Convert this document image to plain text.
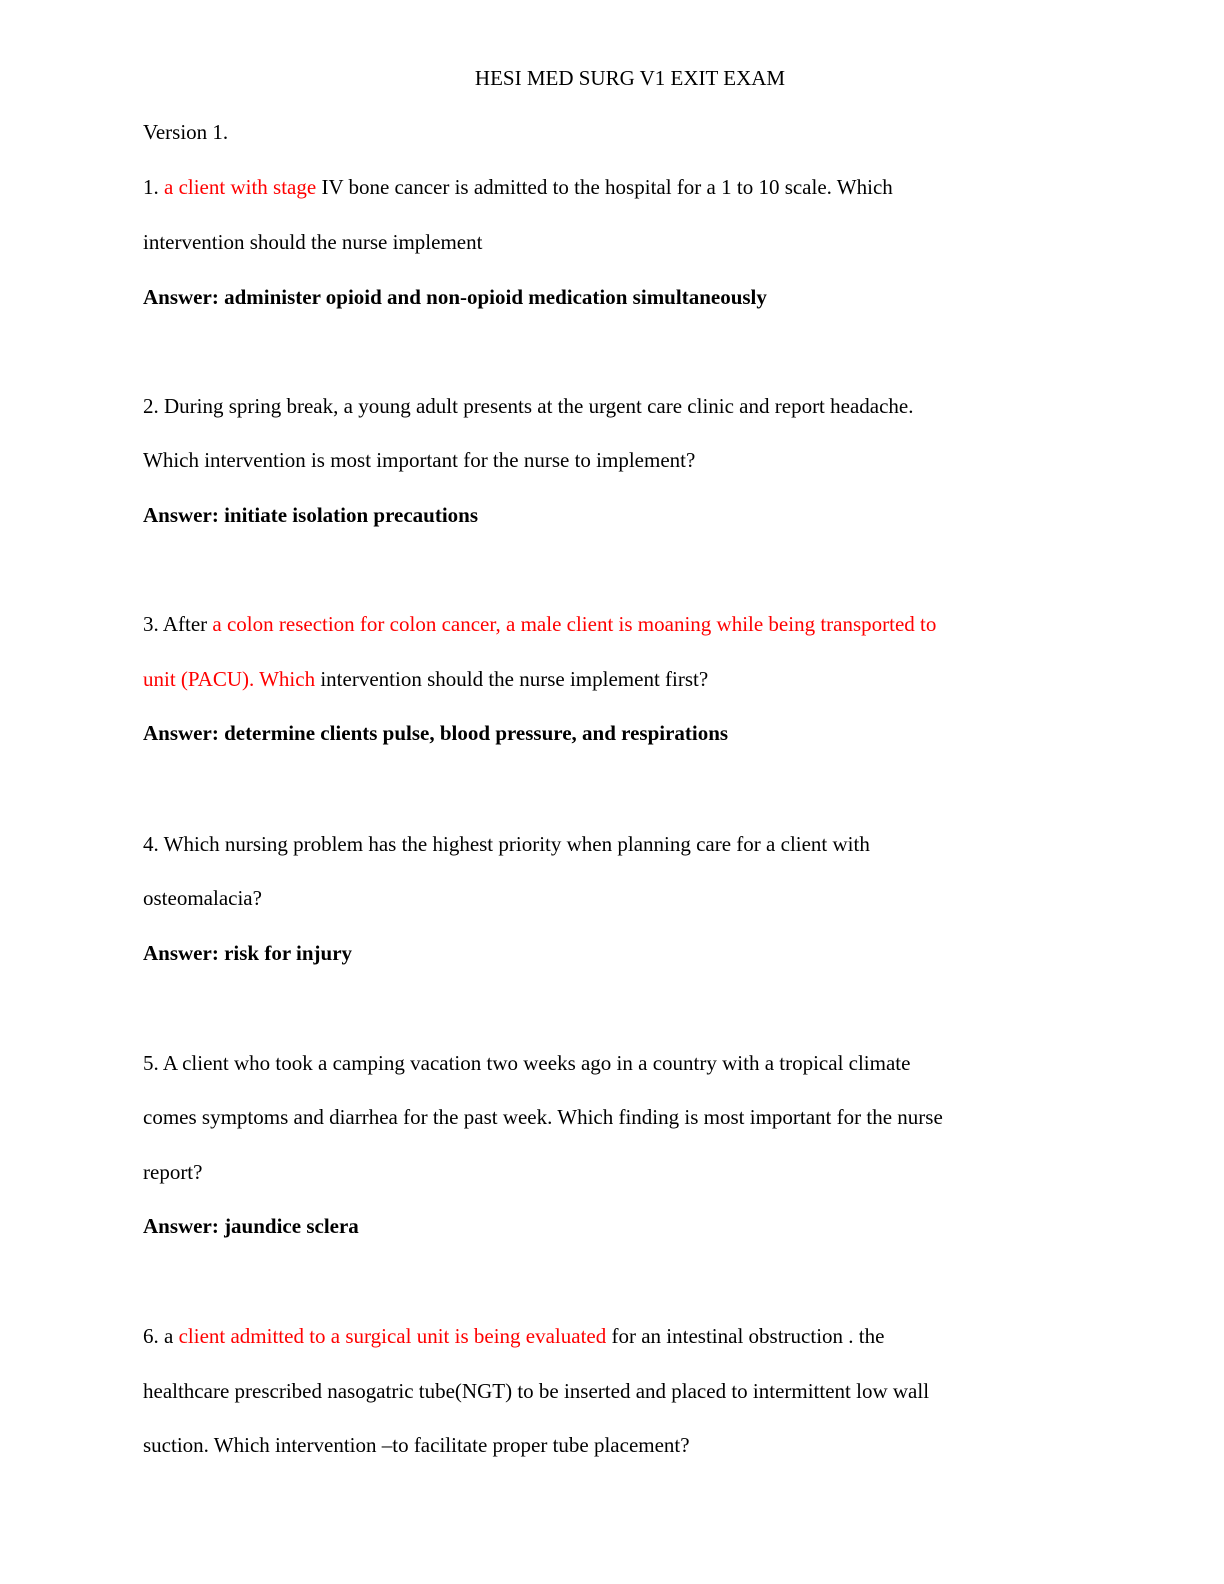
HESI MED SURG V1 EXIT EXAM
Version 1.
1. a client with stage IV bone cancer is admitted to the hospital for a 1 to 10 scale. Which
intervention should the nurse implement
Answer: administer opioid and non-opioid medication simultaneously
2. During spring break, a young adult presents at the urgent care clinic and report headache.
Which intervention is most important for the nurse to implement?
Answer: initiate isolation precautions
3. After a colon resection for colon cancer, a male client is moaning while being transported to
unit (PACU). Which intervention should the nurse implement first?
Answer: determine clients pulse, blood pressure, and respirations
4. Which nursing problem has the highest priority when planning care for a client with
osteomalacia?
Answer: risk for injury
5. A client who took a camping vacation two weeks ago in a country with a tropical climate
comes symptoms and diarrhea for the past week. Which finding is most important for the nurse
report?
Answer: jaundice sclera
6. a client admitted to a surgical unit is being evaluated for an intestinal obstruction . the
healthcare prescribed nasogatric tube(NGT) to be inserted and placed to intermittent low wall
suction. Which intervention –to facilitate proper tube placement?
